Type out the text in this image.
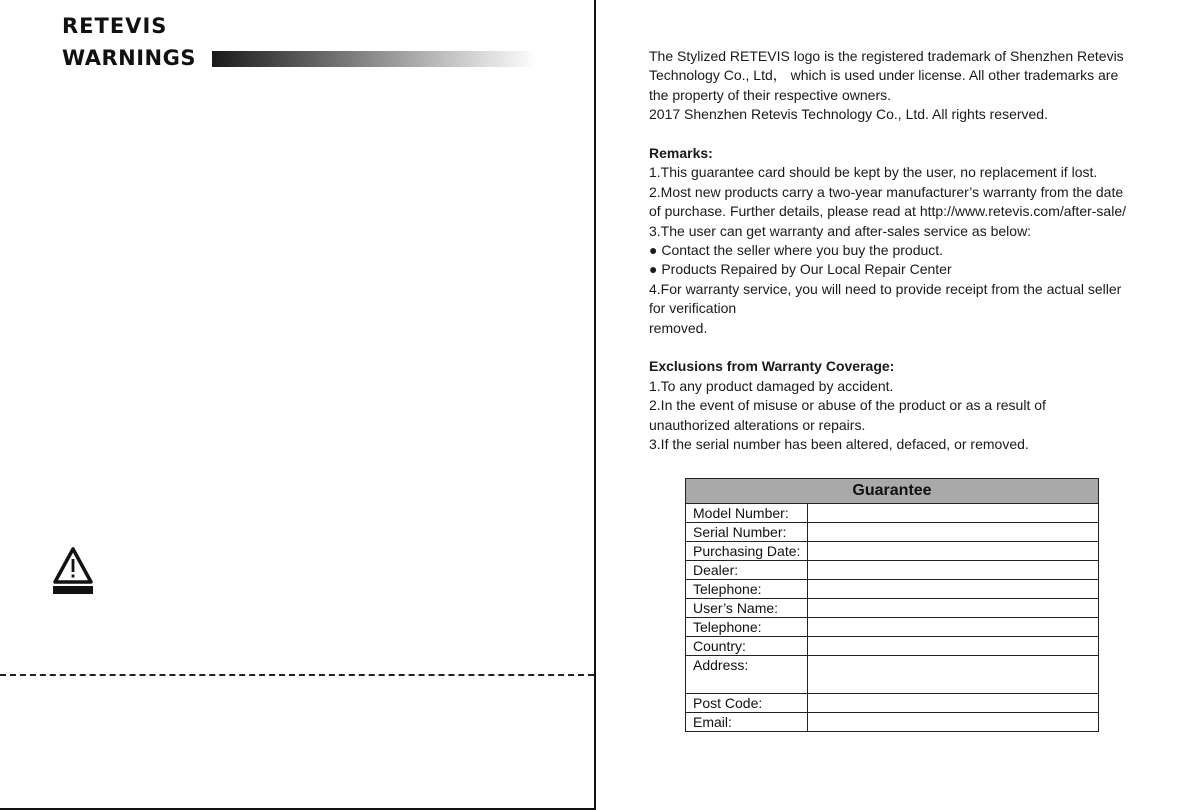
RETEVIS
WARNINGS	The Stylized RETEVIS logo is the registered trademark of Shenzhen Retevis

Technology Co., Ltd， which is used under license. All other trademarks are

the property of their respective owners.

2017 Shenzhen Retevis Technology Co., Ltd. All rights reserved.

Remarks:

1.This guarantee card should be kept by the user, no replacement if lost.

2.Most new products carry a two-year manufacturer’s warranty from the date

of purchase. Further details, please read at http://www.retevis.com/after-sale/

3.The user can get warranty and after-sales service as below:

● Contact the seller where you buy the product.

● Products Repaired by Our Local Repair Center

4.For warranty service, you will need to provide receipt from the actual seller

for verification

removed.

Exclusions from Warranty Coverage:

1.To any product damaged by accident.

2.In the event of misuse or abuse of the product or as a result of

unauthorized alterations or repairs.

3.If the serial number has been altered, defaced, or removed.

Guarantee	
Model Number:	
Serial Number:	
Purchasing Date:	
Dealer:	
Telephone:	
User’s Name:	
Telephone:	
Country:	
Address:	
Post Code:	
Email:	
